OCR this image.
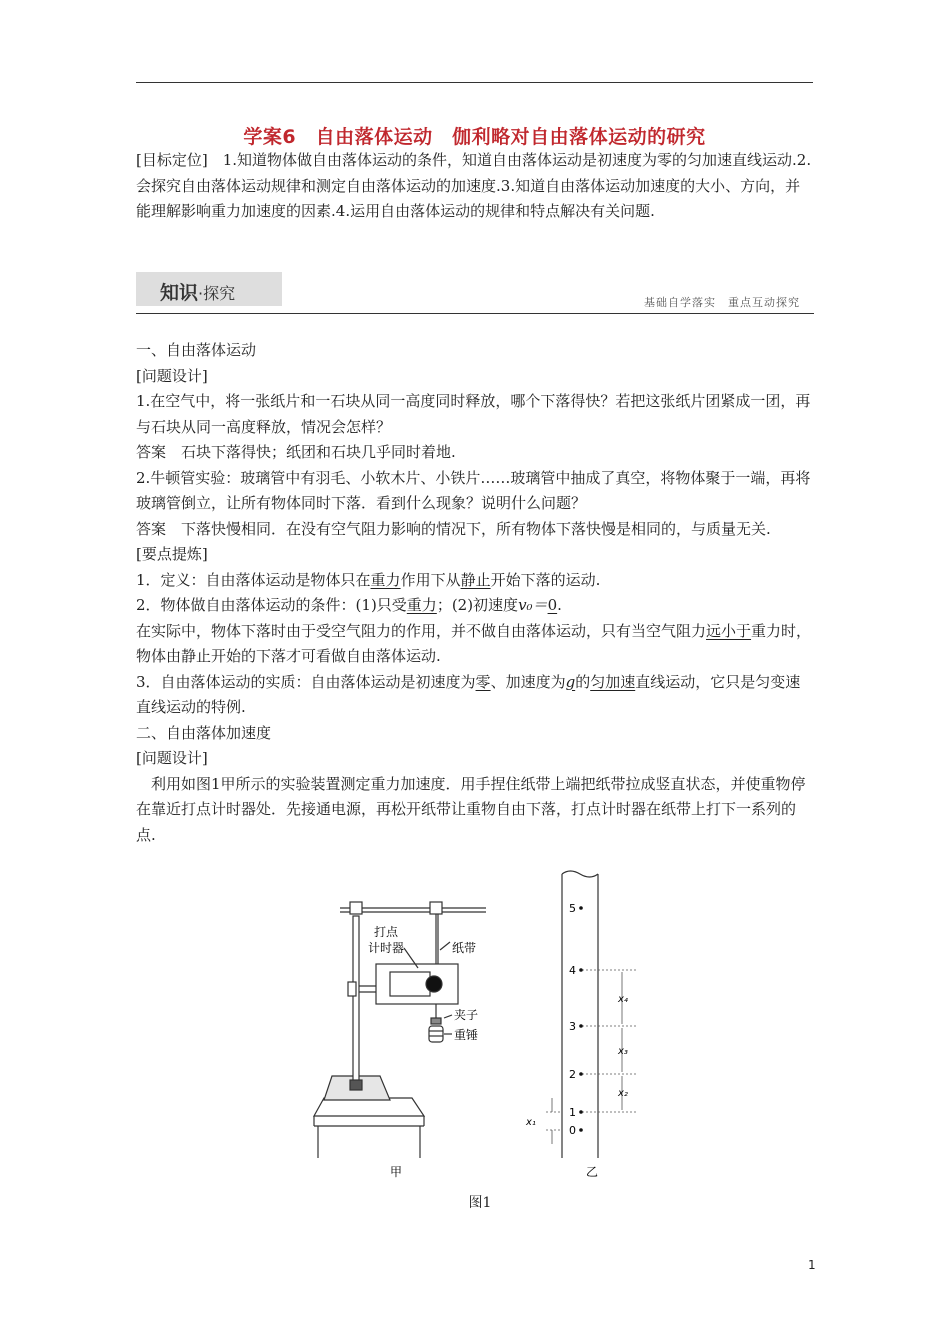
学案6　自由落体运动　伽利略对自由落体运动的研究
[目标定位]　1.知道物体做自由落体运动的条件，知道自由落体运动是初速度为零的匀加速直线运动.2.会探究自由落体运动规律和测定自由落体运动的加速度.3.知道自由落体运动加速度的大小、方向，并能理解影响重力加速度的因素.4.运用自由落体运动的规律和特点解决有关问题.
知识·探究	基础自学落实　重点互动探究

一、自由落体运动

[问题设计]

1.在空气中，将一张纸片和一石块从同一高度同时释放，哪个下落得快？若把这张纸片团紧成一团，再与石块从同一高度释放，情况会怎样？

答案　石块下落得快；纸团和石块几乎同时着地.

2.牛顿管实验：玻璃管中有羽毛、小软木片、小铁片……玻璃管中抽成了真空，将物体聚于一端，再将玻璃管倒立，让所有物体同时下落．看到什么现象？说明什么问题？

答案　下落快慢相同．在没有空气阻力影响的情况下，所有物体下落快慢是相同的，与质量无关.

[要点提炼]

1．定义：自由落体运动是物体只在重力作用下从静止开始下落的运动.

2．物体做自由落体运动的条件：(1)只受重力；(2)初速度v₀＝0.

在实际中，物体下落时由于受空气阻力的作用，并不做自由落体运动，只有当空气阻力远小于重力时，物体由静止开始的下落才可看做自由落体运动.

3．自由落体运动的实质：自由落体运动是初速度为零、加速度为g的匀加速直线运动，它只是匀变速直线运动的特例.

二、自由落体加速度

[问题设计]

利用如图1甲所示的实验装置测定重力加速度．用手捏住纸带上端把纸带拉成竖直状态，并使重物停在靠近打点计时器处．先接通电源，再松开纸带让重物自由下落，打点计时器在纸带上打下一系列的点.

打点
计时器	纸带
夹子
重锤
甲
5
4
3
2
1
0
x₄
x₃
x₂
x₁
乙
图1
1
